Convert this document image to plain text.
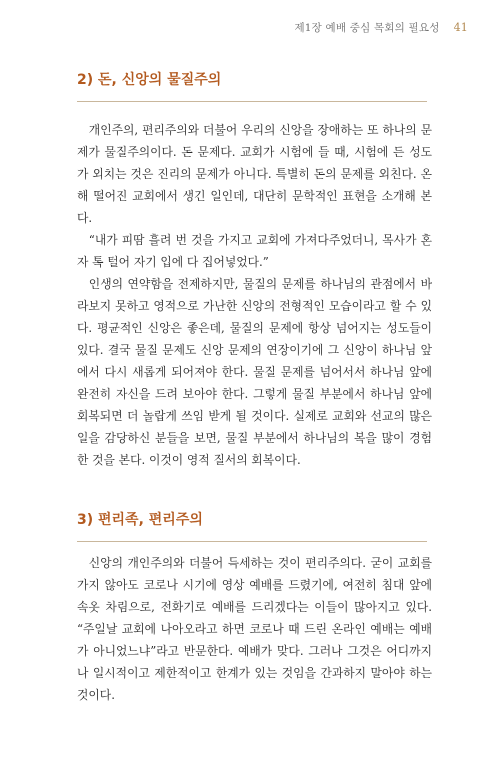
제1장 예배 중심 목회의 필요성 41
2) 돈, 신앙의 물질주의

개인주의, 편리주의와 더불어 우리의 신앙을 장애하는 또 하나의 문제가 물질주의이다. 돈 문제다. 교회가 시험에 들 때, 시험에 든 성도가 외치는 것은 진리의 문제가 아니다. 특별히 돈의 문제를 외친다. 온해 떨어진 교회에서 생긴 일인데, 대단히 문학적인 표현을 소개해 본다.

“내가 피땀 흘려 번 것을 가지고 교회에 가져다주었더니, 목사가 혼자 톡 털어 자기 입에 다 집어넣었다.”

인생의 연약함을 전제하지만, 물질의 문제를 하나님의 관점에서 바라보지 못하고 영적으로 가난한 신앙의 전형적인 모습이라고 할 수 있다. 평균적인 신앙은 좋은데, 물질의 문제에 항상 넘어지는 성도들이 있다. 결국 물질 문제도 신앙 문제의 연장이기에 그 신앙이 하나님 앞에서 다시 새롭게 되어져야 한다. 물질 문제를 넘어서서 하나님 앞에 완전히 자신을 드려 보아야 한다. 그렇게 물질 부분에서 하나님 앞에 회복되면 더 놀랍게 쓰임 받게 될 것이다. 실제로 교회와 선교의 많은 일을 감당하신 분들을 보면, 물질 부분에서 하나님의 복을 많이 경험한 것을 본다. 이것이 영적 질서의 회복이다.

3) 편리족, 편리주의

신앙의 개인주의와 더불어 득세하는 것이 편리주의다. 굳이 교회를 가지 않아도 코로나 시기에 영상 예배를 드렸기에, 여전히 침대 앞에 속옷 차림으로, 전화기로 예배를 드리겠다는 이들이 많아지고 있다. “주일날 교회에 나아오라고 하면 코로나 때 드린 온라인 예배는 예배가 아니었느냐”라고 반문한다. 예배가 맞다. 그러나 그것은 어디까지나 일시적이고 제한적이고 한계가 있는 것임을 간과하지 말아야 하는 것이다.
